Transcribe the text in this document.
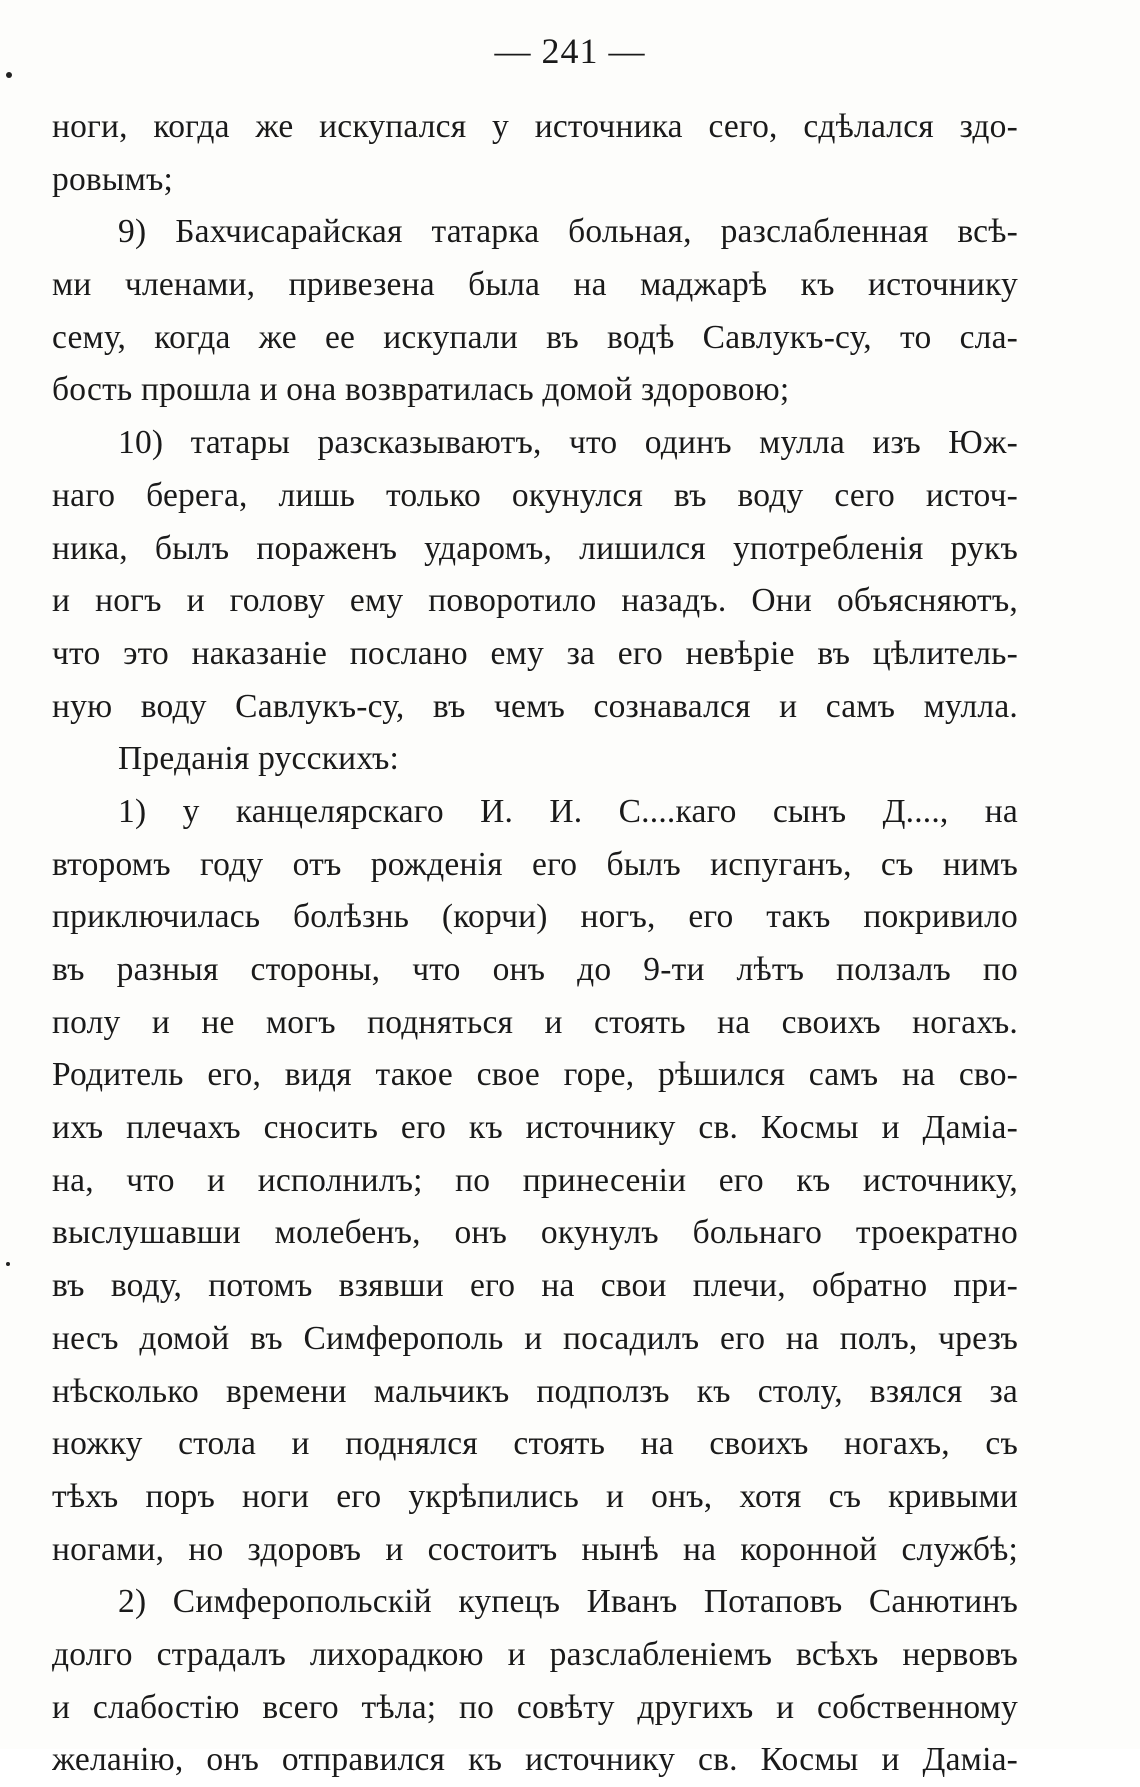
— 241 —
ноги, когда же искупался у источника сего, сдѣлался здо-
ровымъ;
9) Бахчисарайская татарка больная, разслабленная всѣ-
ми членами, привезена была на маджарѣ къ источнику
сему, когда же ее искупали въ водѣ Савлукъ-су, то сла-
бость прошла и она возвратилась домой здоровою;
10) татары разсказываютъ, что одинъ мулла изъ Юж-
наго берега, лишь только окунулся въ воду сего источ-
ника, былъ пораженъ ударомъ, лишился употребленія рукъ
и ногъ и голову ему поворотило назадъ. Они объясняютъ,
что это наказаніе послано ему за его невѣріе въ цѣлитель-
ную воду Савлукъ-су, въ чемъ сознавался и самъ мулла.
Преданія русскихъ:
1) у канцелярскаго И. И. С....каго сынъ Д...., на
второмъ году отъ рожденія его былъ испуганъ, съ нимъ
приключилась болѣзнь (корчи) ногъ, его такъ покривило
въ разныя стороны, что онъ до 9-ти лѣтъ ползалъ по
полу и не могъ подняться и стоять на своихъ ногахъ.
Родитель его, видя такое свое горе, рѣшился самъ на сво-
ихъ плечахъ сносить его къ источнику св. Космы и Даміа-
на, что и исполнилъ; по принесеніи его къ источнику,
выслушавши молебенъ, онъ окунулъ больнаго троекратно
въ воду, потомъ взявши его на свои плечи, обратно при-
несъ домой въ Симферополь и посадилъ его на полъ, чрезъ
нѣсколько времени мальчикъ подползъ къ столу, взялся за
ножку стола и поднялся стоять на своихъ ногахъ, съ
тѣхъ поръ ноги его укрѣпились и онъ, хотя съ кривыми
ногами, но здоровъ и состоитъ нынѣ на коронной службѣ;
2) Симферопольскій купецъ Иванъ Потаповъ Санютинъ
долго страдалъ лихорадкою и разслабленіемъ всѣхъ нервовъ
и слабостію всего тѣла; по совѣту другихъ и собственному
желанію, онъ отправился къ источнику св. Космы и Даміа-
